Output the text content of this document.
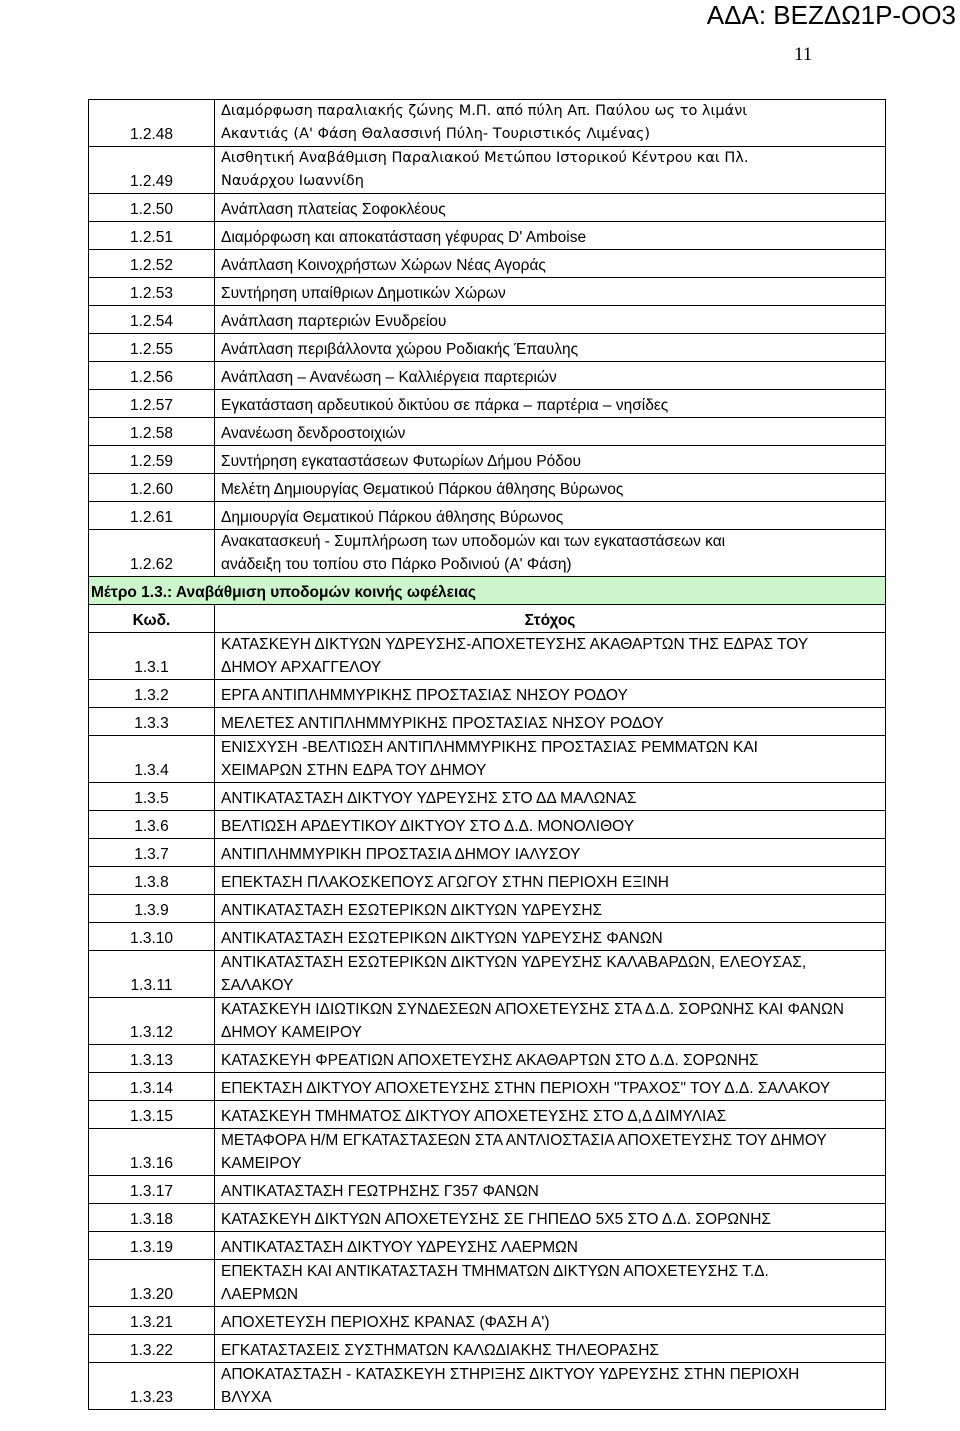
ΑΔΑ: ΒΕΖΔΩ1Ρ-ΟΟ3
11
1.2.48	Διαμόρφωση παραλιακής ζώνης Μ.Π. από πύλη Απ. Παύλου ως το λιμάνι
Ακαντιάς (Α' Φάση Θαλασσινή Πύλη- Τουριστικός Λιμένας)

1.2.49	Αισθητική Αναβάθμιση Παραλιακού Μετώπου Ιστορικού Κέντρου και Πλ.
Ναυάρχου Ιωαννίδη

1.2.50	Ανάπλαση πλατείας Σοφοκλέους

1.2.51	Διαμόρφωση και αποκατάσταση γέφυρας D' Amboise

1.2.52	Ανάπλαση Κοινοχρήστων Χώρων Νέας Αγοράς

1.2.53	Συντήρηση υπαίθριων Δημοτικών Χώρων

1.2.54	Ανάπλαση παρτεριών Ενυδρείου

1.2.55	Ανάπλαση περιβάλλοντα χώρου Ροδιακής Έπαυλης

1.2.56	Ανάπλαση – Ανανέωση – Καλλιέργεια παρτεριών

1.2.57	Εγκατάσταση αρδευτικού δικτύου σε πάρκα – παρτέρια – νησίδες

1.2.58	Ανανέωση δενδροστοιχιών

1.2.59	Συντήρηση εγκαταστάσεων Φυτωρίων Δήμου Ρόδου

1.2.60	Μελέτη Δημιουργίας Θεματικού Πάρκου άθλησης Βύρωνος

1.2.61	Δημιουργία Θεματικού Πάρκου άθλησης Βύρωνος

1.2.62	Ανακατασκευή - Συμπλήρωση των υποδομών και των εγκαταστάσεων και
ανάδειξη του τοπίου στο Πάρκο Ροδινιού (Α' Φάση)

Μέτρο 1.3.: Αναβάθμιση υποδομών κοινής ωφέλειας	
Κωδ.	Στόχος
1.3.1	ΚΑΤΑΣΚΕΥΗ ΔΙΚΤΥΩΝ ΥΔΡΕΥΣΗΣ-ΑΠΟΧΕΤΕΥΣΗΣ ΑΚΑΘΑΡΤΩΝ ΤΗΣ ΕΔΡΑΣ ΤΟΥ
ΔΗΜΟΥ ΑΡΧΑΓΓΕΛΟΥ

1.3.2	ΕΡΓΑ ΑΝΤΙΠΛΗΜΜΥΡΙΚΗΣ ΠΡΟΣΤΑΣΙΑΣ ΝΗΣΟΥ ΡΟΔΟΥ

1.3.3	ΜΕΛΕΤΕΣ ΑΝΤΙΠΛΗΜΜΥΡΙΚΗΣ ΠΡΟΣΤΑΣΙΑΣ ΝΗΣΟΥ ΡΟΔΟΥ

1.3.4	ΕΝΙΣΧΥΣΗ -ΒΕΛΤΙΩΣΗ ΑΝΤΙΠΛΗΜΜΥΡΙΚΗΣ ΠΡΟΣΤΑΣΙΑΣ ΡΕΜΜΑΤΩΝ ΚΑΙ
ΧΕΙΜΑΡΩΝ ΣΤΗΝ ΕΔΡΑ ΤΟΥ ΔΗΜΟΥ

1.3.5	ΑΝΤΙΚΑΤΑΣΤΑΣΗ ΔΙΚΤΥΟΥ ΥΔΡΕΥΣΗΣ ΣΤΟ ΔΔ ΜΑΛΩΝΑΣ

1.3.6	ΒΕΛΤΙΩΣΗ ΑΡΔΕΥΤΙΚΟΥ ΔΙΚΤΥΟΥ ΣΤΟ Δ.Δ. ΜΟΝΟΛΙΘΟΥ

1.3.7	ΑΝΤΙΠΛΗΜΜΥΡΙΚΗ ΠΡΟΣΤΑΣΙΑ ΔΗΜΟΥ ΙΑΛΥΣΟΥ

1.3.8	ΕΠΕΚΤΑΣΗ ΠΛΑΚΟΣΚΕΠΟΥΣ ΑΓΩΓΟΥ ΣΤΗΝ ΠΕΡΙΟΧΗ ΕΞΙΝΗ

1.3.9	ΑΝΤΙΚΑΤΑΣΤΑΣΗ ΕΣΩΤΕΡΙΚΩΝ ΔΙΚΤΥΩΝ ΥΔΡΕΥΣΗΣ

1.3.10	ΑΝΤΙΚΑΤΑΣΤΑΣΗ ΕΣΩΤΕΡΙΚΩΝ ΔΙΚΤΥΩΝ ΥΔΡΕΥΣΗΣ ΦΑΝΩΝ

1.3.11	ΑΝΤΙΚΑΤΑΣΤΑΣΗ ΕΣΩΤΕΡΙΚΩΝ ΔΙΚΤΥΩΝ ΥΔΡΕΥΣΗΣ ΚΑΛΑΒΑΡΔΩΝ, ΕΛΕΟΥΣΑΣ,
ΣΑΛΑΚΟΥ

1.3.12	ΚΑΤΑΣΚΕΥΗ ΙΔΙΩΤΙΚΩΝ ΣΥΝΔΕΣΕΩΝ ΑΠΟΧΕΤΕΥΣΗΣ ΣΤΑ Δ.Δ. ΣΟΡΩΝΗΣ ΚΑΙ ΦΑΝΩΝ
ΔΗΜΟΥ ΚΑΜΕΙΡΟΥ

1.3.13	ΚΑΤΑΣΚΕΥΗ ΦΡΕΑΤΙΩΝ ΑΠΟΧΕΤΕΥΣΗΣ ΑΚΑΘΑΡΤΩΝ ΣΤΟ Δ.Δ. ΣΟΡΩΝΗΣ

1.3.14	ΕΠΕΚΤΑΣΗ ΔΙΚΤΥΟΥ ΑΠΟΧΕΤΕΥΣΗΣ ΣΤΗΝ ΠΕΡΙΟΧΗ "ΤΡΑΧΟΣ" ΤΟΥ Δ.Δ. ΣΑΛΑΚΟΥ

1.3.15	ΚΑΤΑΣΚΕΥΗ ΤΜΗΜΑΤΟΣ ΔΙΚΤΥΟΥ ΑΠΟΧΕΤΕΥΣΗΣ ΣΤΟ Δ,Δ ΔΙΜΥΛΙΑΣ

1.3.16	ΜΕΤΑΦΟΡΑ Η/Μ ΕΓΚΑΤΑΣΤΑΣΕΩΝ ΣΤΑ ΑΝΤΛΙΟΣΤΑΣΙΑ ΑΠΟΧΕΤΕΥΣΗΣ ΤΟΥ ΔΗΜΟΥ
ΚΑΜΕΙΡΟΥ

1.3.17	ΑΝΤΙΚΑΤΑΣΤΑΣΗ ΓΕΩΤΡΗΣΗΣ Γ357 ΦΑΝΩΝ

1.3.18	ΚΑΤΑΣΚΕΥΗ ΔΙΚΤΥΩΝ ΑΠΟΧΕΤΕΥΣΗΣ ΣΕ ΓΗΠΕΔΟ 5Χ5 ΣΤΟ Δ.Δ. ΣΟΡΩΝΗΣ

1.3.19	ΑΝΤΙΚΑΤΑΣΤΑΣΗ ΔΙΚΤΥΟΥ ΥΔΡΕΥΣΗΣ ΛΑΕΡΜΩΝ

1.3.20	ΕΠΕΚΤΑΣΗ ΚΑΙ ΑΝΤΙΚΑΤΑΣΤΑΣΗ ΤΜΗΜΑΤΩΝ ΔΙΚΤΥΩΝ ΑΠΟΧΕΤΕΥΣΗΣ Τ.Δ.
ΛΑΕΡΜΩΝ

1.3.21	ΑΠΟΧΕΤΕΥΣΗ ΠΕΡΙΟΧΗΣ ΚΡΑΝΑΣ (ΦΑΣΗ Α')

1.3.22	ΕΓΚΑΤΑΣΤΑΣΕΙΣ ΣΥΣΤΗΜΑΤΩΝ ΚΑΛΩΔΙΑΚΗΣ ΤΗΛΕΟΡΑΣΗΣ

1.3.23	ΑΠΟΚΑΤΑΣΤΑΣΗ - ΚΑΤΑΣΚΕΥΗ ΣΤΗΡΙΞΗΣ ΔΙΚΤΥΟΥ ΥΔΡΕΥΣΗΣ ΣΤΗΝ ΠΕΡΙΟΧΗ
ΒΛΥΧΑ
